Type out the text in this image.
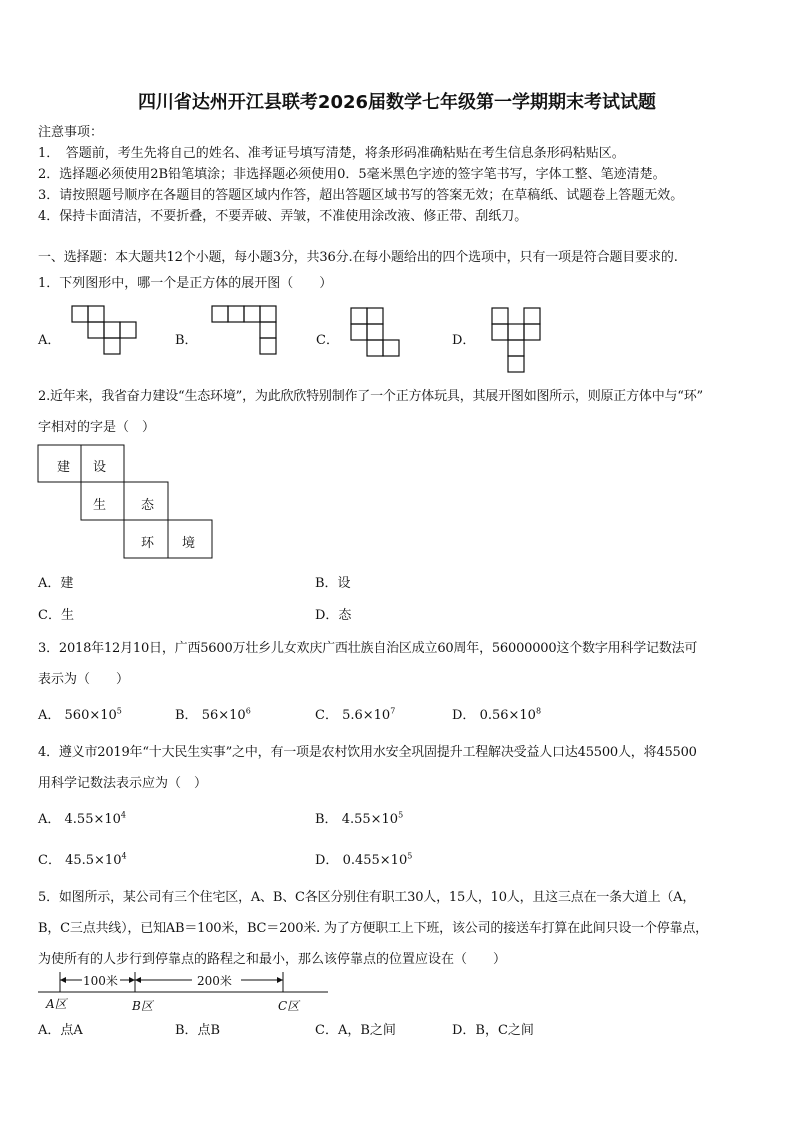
四川省达州开江县联考2026届数学七年级第一学期期末考试试题
注意事项：
1．　答题前，考生先将自己的姓名、准考证号填写清楚，将条形码准确粘贴在考生信息条形码粘贴区。
2．选择题必须使用2B铅笔填涂；非选择题必须使用0．5毫米黑色字迹的签字笔书写，字体工整、笔迹清楚。
3．请按照题号顺序在各题目的答题区域内作答，超出答题区域书写的答案无效；在草稿纸、试题卷上答题无效。
4．保持卡面清洁，不要折叠，不要弄破、弄皱，不准使用涂改液、修正带、刮纸刀。
一、选择题：本大题共12个小题，每小题3分，共36分.在每小题给出的四个选项中，只有一项是符合题目要求的.
1．下列图形中，哪一个是正方体的展开图（　　）
A．	B．	C．	D．
2.近年来，我省奋力建设“生态环境”，为此欣欣特别制作了一个正方体玩具，其展开图如图所示，则原正方体中与“环”
字相对的字是（　）
建 设
生	态
环 境
A．建	B．设
C．生	D．态
3．2018年12月10日，广西5600万壮乡儿女欢庆广西壮族自治区成立60周年，56000000这个数字用科学记数法可
表示为（　　）
A． $560\times 10^5$	B． $56\times 10^6$	C． $5.6\times 10^7$	D． $0.56\times 10^8$
4．遵义市2019年“十大民生实事”之中，有一项是农村饮用水安全巩固提升工程解决受益人口达45500人，将45500
用科学记数法表示应为（　）
A． $4.55\times 10^4$	B． $4.55\times 10^5$
C． $45.5\times 10^4$	D． $0.455\times 10^5$
5．如图所示，某公司有三个住宅区，A、B、C各区分别住有职工30人，15人，10人，且这三点在一条大道上（A，
B，C三点共线），已知AB＝100米，BC＝200米. 为了方便职工上下班，该公司的接送车打算在此间只设一个停靠点，
为使所有的人步行到停靠点的路程之和最小，那么该停靠点的位置应设在（　　）
100米	200米
A区	B区	C区
A．点A	B．点B	C．A，B之间	D．B，C之间
